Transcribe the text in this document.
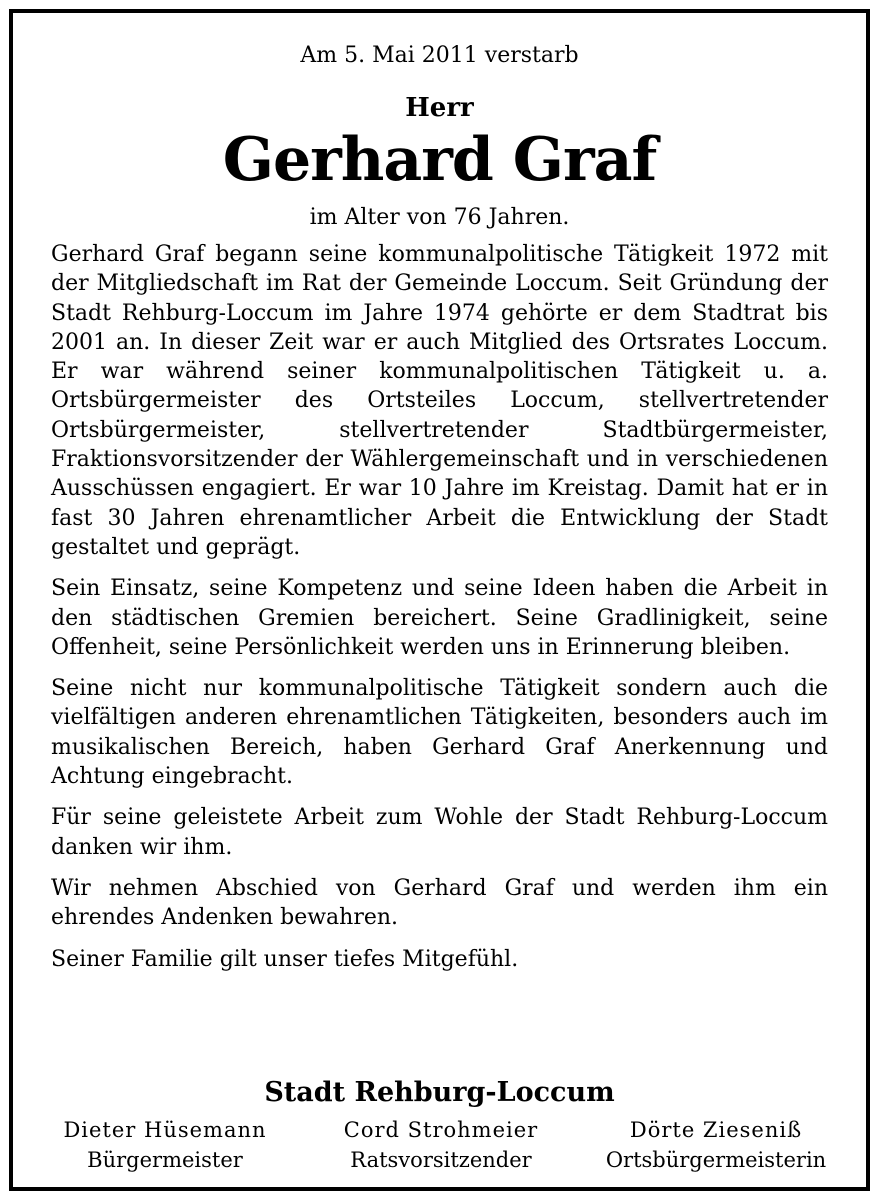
Am 5. Mai 2011 verstarb
Herr
Gerhard Graf
im Alter von 76 Jahren.

Gerhard Graf begann seine kommunalpolitische Tätigkeit 1972 mit der Mitgliedschaft im Rat der Gemeinde Loccum. Seit Gründung der Stadt Rehburg-Loccum im Jahre 1974 gehörte er dem Stadtrat bis 2001 an. In dieser Zeit war er auch Mitglied des Ortsrates Loccum. Er war während seiner kommunalpolitischen Tätigkeit u. a. Ortsbürgermeister des Ortsteiles Loccum, stellvertretender Ortsbürgermeister, stellvertretender Stadtbürgermeister, Fraktionsvorsitzender der Wählergemeinschaft und in verschiedenen Ausschüssen engagiert. Er war 10 Jahre im Kreistag. Damit hat er in fast 30 Jahren ehrenamtlicher Arbeit die Entwicklung der Stadt gestaltet und geprägt.

Sein Einsatz, seine Kompetenz und seine Ideen haben die Arbeit in den städtischen Gremien bereichert. Seine Gradlinigkeit, seine Offenheit, seine Persönlichkeit werden uns in Erinnerung bleiben.

Seine nicht nur kommunalpolitische Tätigkeit sondern auch die vielfältigen anderen ehrenamtlichen Tätigkeiten, besonders auch im musikalischen Bereich, haben Gerhard Graf Anerkennung und Achtung eingebracht.

Für seine geleistete Arbeit zum Wohle der Stadt Rehburg-Loccum danken wir ihm.

Wir nehmen Abschied von Gerhard Graf und werden ihm ein ehrendes Andenken bewahren.

Seiner Familie gilt unser tiefes Mitgefühl.

Stadt Rehburg-Loccum
Dieter Hüsemann
Bürgermeister
Cord Strohmeier
Ratsvorsitzender
Dörte Zieseniß
Ortsbürgermeisterin
